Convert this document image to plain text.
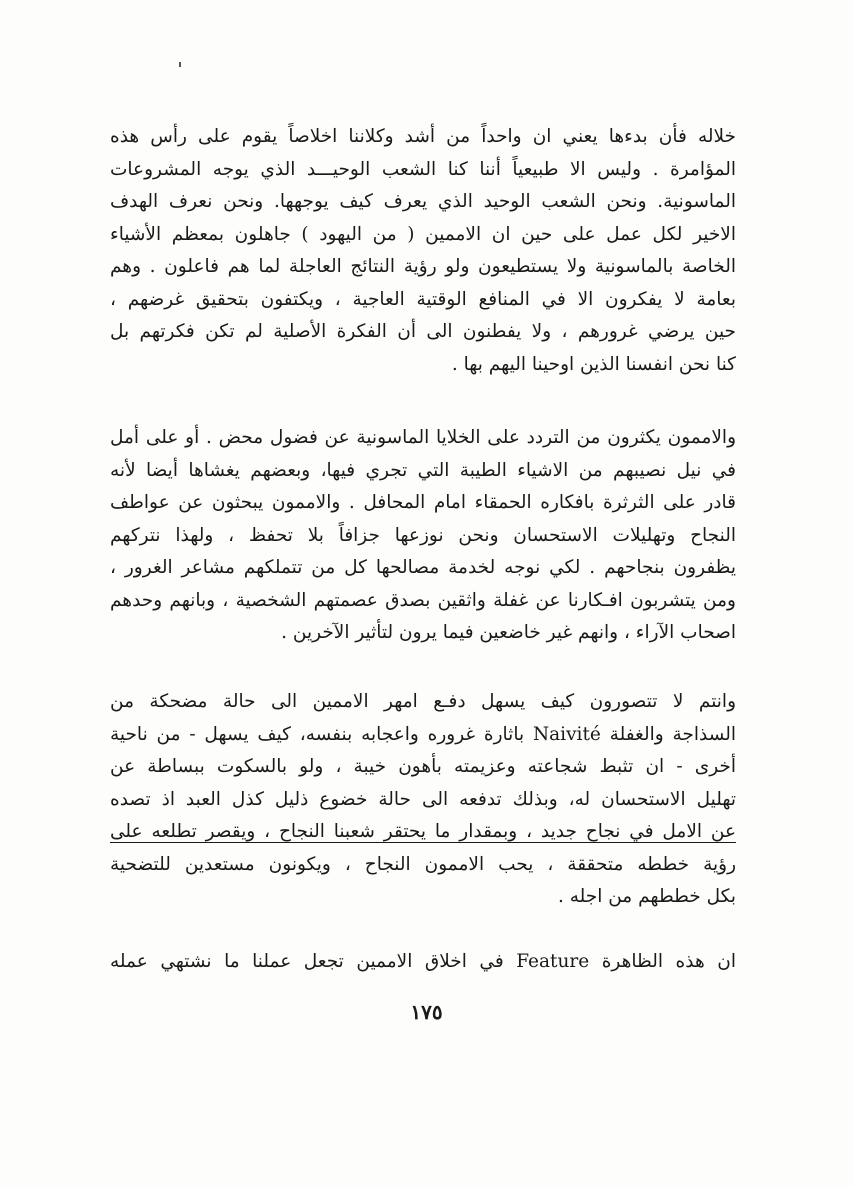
خلاله فأن بدءها يعني ان واحداً من أشد وكلاننا اخلاصاً يقوم على رأس هذه
المؤامرة . وليس الا طبيعياً أننا كنا الشعب الوحيـــد الذي يوجه المشروعات
الماسونية. ونحن الشعب الوحيد الذي يعرف كيف يوجهها. ونحن نعرف الهدف
الاخير لكل عمل على حين ان الاممين ( من اليهود ) جاهلون بمعظم الأشياء
الخاصة بالماسونية ولا يستطيعون ولو رؤية النتائج العاجلة لما هم فاعلون . وهم
بعامة لا يفكرون الا في المنافع الوقتية العاجية ، ويكتفون بتحقيق غرضهم ،
حين يرضي غرورهم ، ولا يفطنون الى أن الفكرة الأصلية لم تكن فكرتهم بل
كنا نحن انفسنا الذين اوحينا اليهم بها .
والاممون يكثرون من التردد على الخلايا الماسونية عن فضول محض . أو على أمل
في نيل نصيبهم من الاشياء الطيبة التي تجري فيها، وبعضهم يغشاها أيضا لأنه
قادر على الثرثرة بافكاره الحمقاء امام المحافل . والاممون يبحثون عن عواطف
النجاح وتهليلات الاستحسان ونحن نوزعها جزافاً بلا تحفظ ، ولهذا نتركهم
يظفرون بنجاحهم . لكي نوجه لخدمة مصالحها كل من تتملكهم مشاعر الغرور ،
ومن يتشربون افـكارنا عن غفلة واثقين بصدق عصمتهم الشخصية ، وبانهم وحدهم
اصحاب الآراء ، وانهم غير خاضعين فيما يرون لتأثير الآخرين .
وانتم لا تتصورون كيف يسهل دفـع امهر الاممين الى حالة مضحكة من
السذاجة والغفلة Naivité باثارة غروره واعجابه بنفسه، كيف يسهل - من ناحية
أخرى - ان تثبط شجاعته وعزيمته بأهون خيبة ، ولو بالسكوت ببساطة عن
تهليل الاستحسان له، وبذلك تدفعه الى حالة خضوع ذليل كذل العبد اذ تصده
عن الامل في نجاح جديد ، وبمقدار ما يحتقر شعبنا النجاح ، ويقصر تطلعه على
رؤية خططه متحققة ، يحب الاممون النجاح ، ويكونون مستعدين للتضحية
بكل خططهم من اجله .
ان هذه الظاهرة Feature في اخلاق الاممين تجعل عملنا ما نشتهي عمله
١٧٥
